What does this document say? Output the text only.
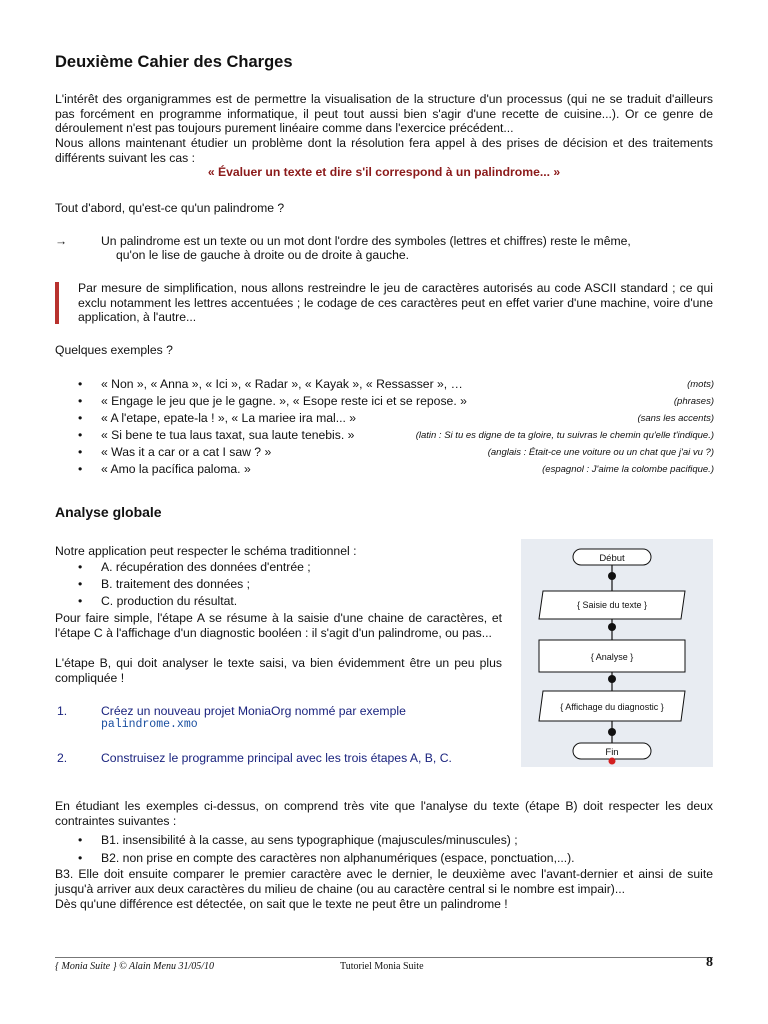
Deuxième Cahier des Charges

L'intérêt des organigrammes est de permettre la visualisation de la structure d'un processus (qui ne se traduit d'ailleurs pas forcément en programme informatique, il peut tout aussi bien s'agir d'une recette de cuisine...). Or ce genre de déroulement n'est pas toujours purement linéaire comme dans l'exercice précédent...

Nous allons maintenant étudier un problème dont la résolution fera appel à des prises de décision et des traitements différents suivant les cas :

« Évaluer un texte et dire s'il correspond à un palindrome... »

Tout d'abord, qu'est-ce qu'un palindrome ?

→	Un palindrome est un texte ou un mot dont l'ordre des symboles (lettres et chiffres) reste le même,
qu'on le lise de gauche à droite ou de droite à gauche.

Par mesure de simplification, nous allons restreindre le jeu de caractères autorisés au code ASCII standard ; ce qui exclu notamment les lettres accentuées ; le codage de ces caractères peut en effet varier d'une machine, voire d'une application, à l'autre...

Quelques exemples ?

• « Non », « Anna », « Ici », « Radar », « Kayak », « Ressasser », …	(mots)
• « Engage le jeu que je le gagne. », « Esope reste ici et se repose. »	(phrases)
• « A l'etape, epate-la ! », « La mariee ira mal... »	(sans les accents)
• « Si bene te tua laus taxat, sua laute tenebis. »	(latin : Si tu es digne de ta gloire, tu suivras le chemin qu'elle t'indique.)
• « Was it a car or a cat I saw ? »	(anglais : Était-ce une voiture ou un chat que j'ai vu ?)
• « Amo la pacífica paloma. »	(espagnol : J'aime la colombe pacifique.)
Analyse globale
Notre application peut respecter le schéma traditionnel :
• A. récupération des données d'entrée ;
• B. traitement des données ;
• C. production du résultat.

Pour faire simple, l'étape A se résume à la saisie d'une chaine de caractères, et l'étape C à l'affichage d'un diagnostic booléen : il s'agit d'un palindrome, ou pas...

L'étape B, qui doit analyser le texte saisi, va bien évidemment être un peu plus compliquée !

1.	Créez un nouveau projet MoniaOrg nommé par exemple
palindrome.xmo
2.	Construisez le programme principal avec les trois étapes A, B, C.
Début
{ Saisie du texte }
{ Analyse }
{ Affichage du diagnostic }
Fin

En étudiant les exemples ci-dessus, on comprend très vite que l'analyse du texte (étape B) doit respecter les deux contraintes suivantes :

• B1. insensibilité à la casse, au sens typographique (majuscules/minuscules) ;
• B2. non prise en compte des caractères non alphanumériques (espace, ponctuation,...).

B3. Elle doit ensuite comparer le premier caractère avec le dernier, le deuxième avec l'avant-dernier et ainsi de suite jusqu'à arriver aux deux caractères du milieu de chaine (ou au caractère central si le nombre est impair)...

Dès qu'une différence est détectée, on sait que le texte ne peut être un palindrome !

{ Monia Suite } © Alain Menu 31/05/10	Tutoriel Monia Suite	8
